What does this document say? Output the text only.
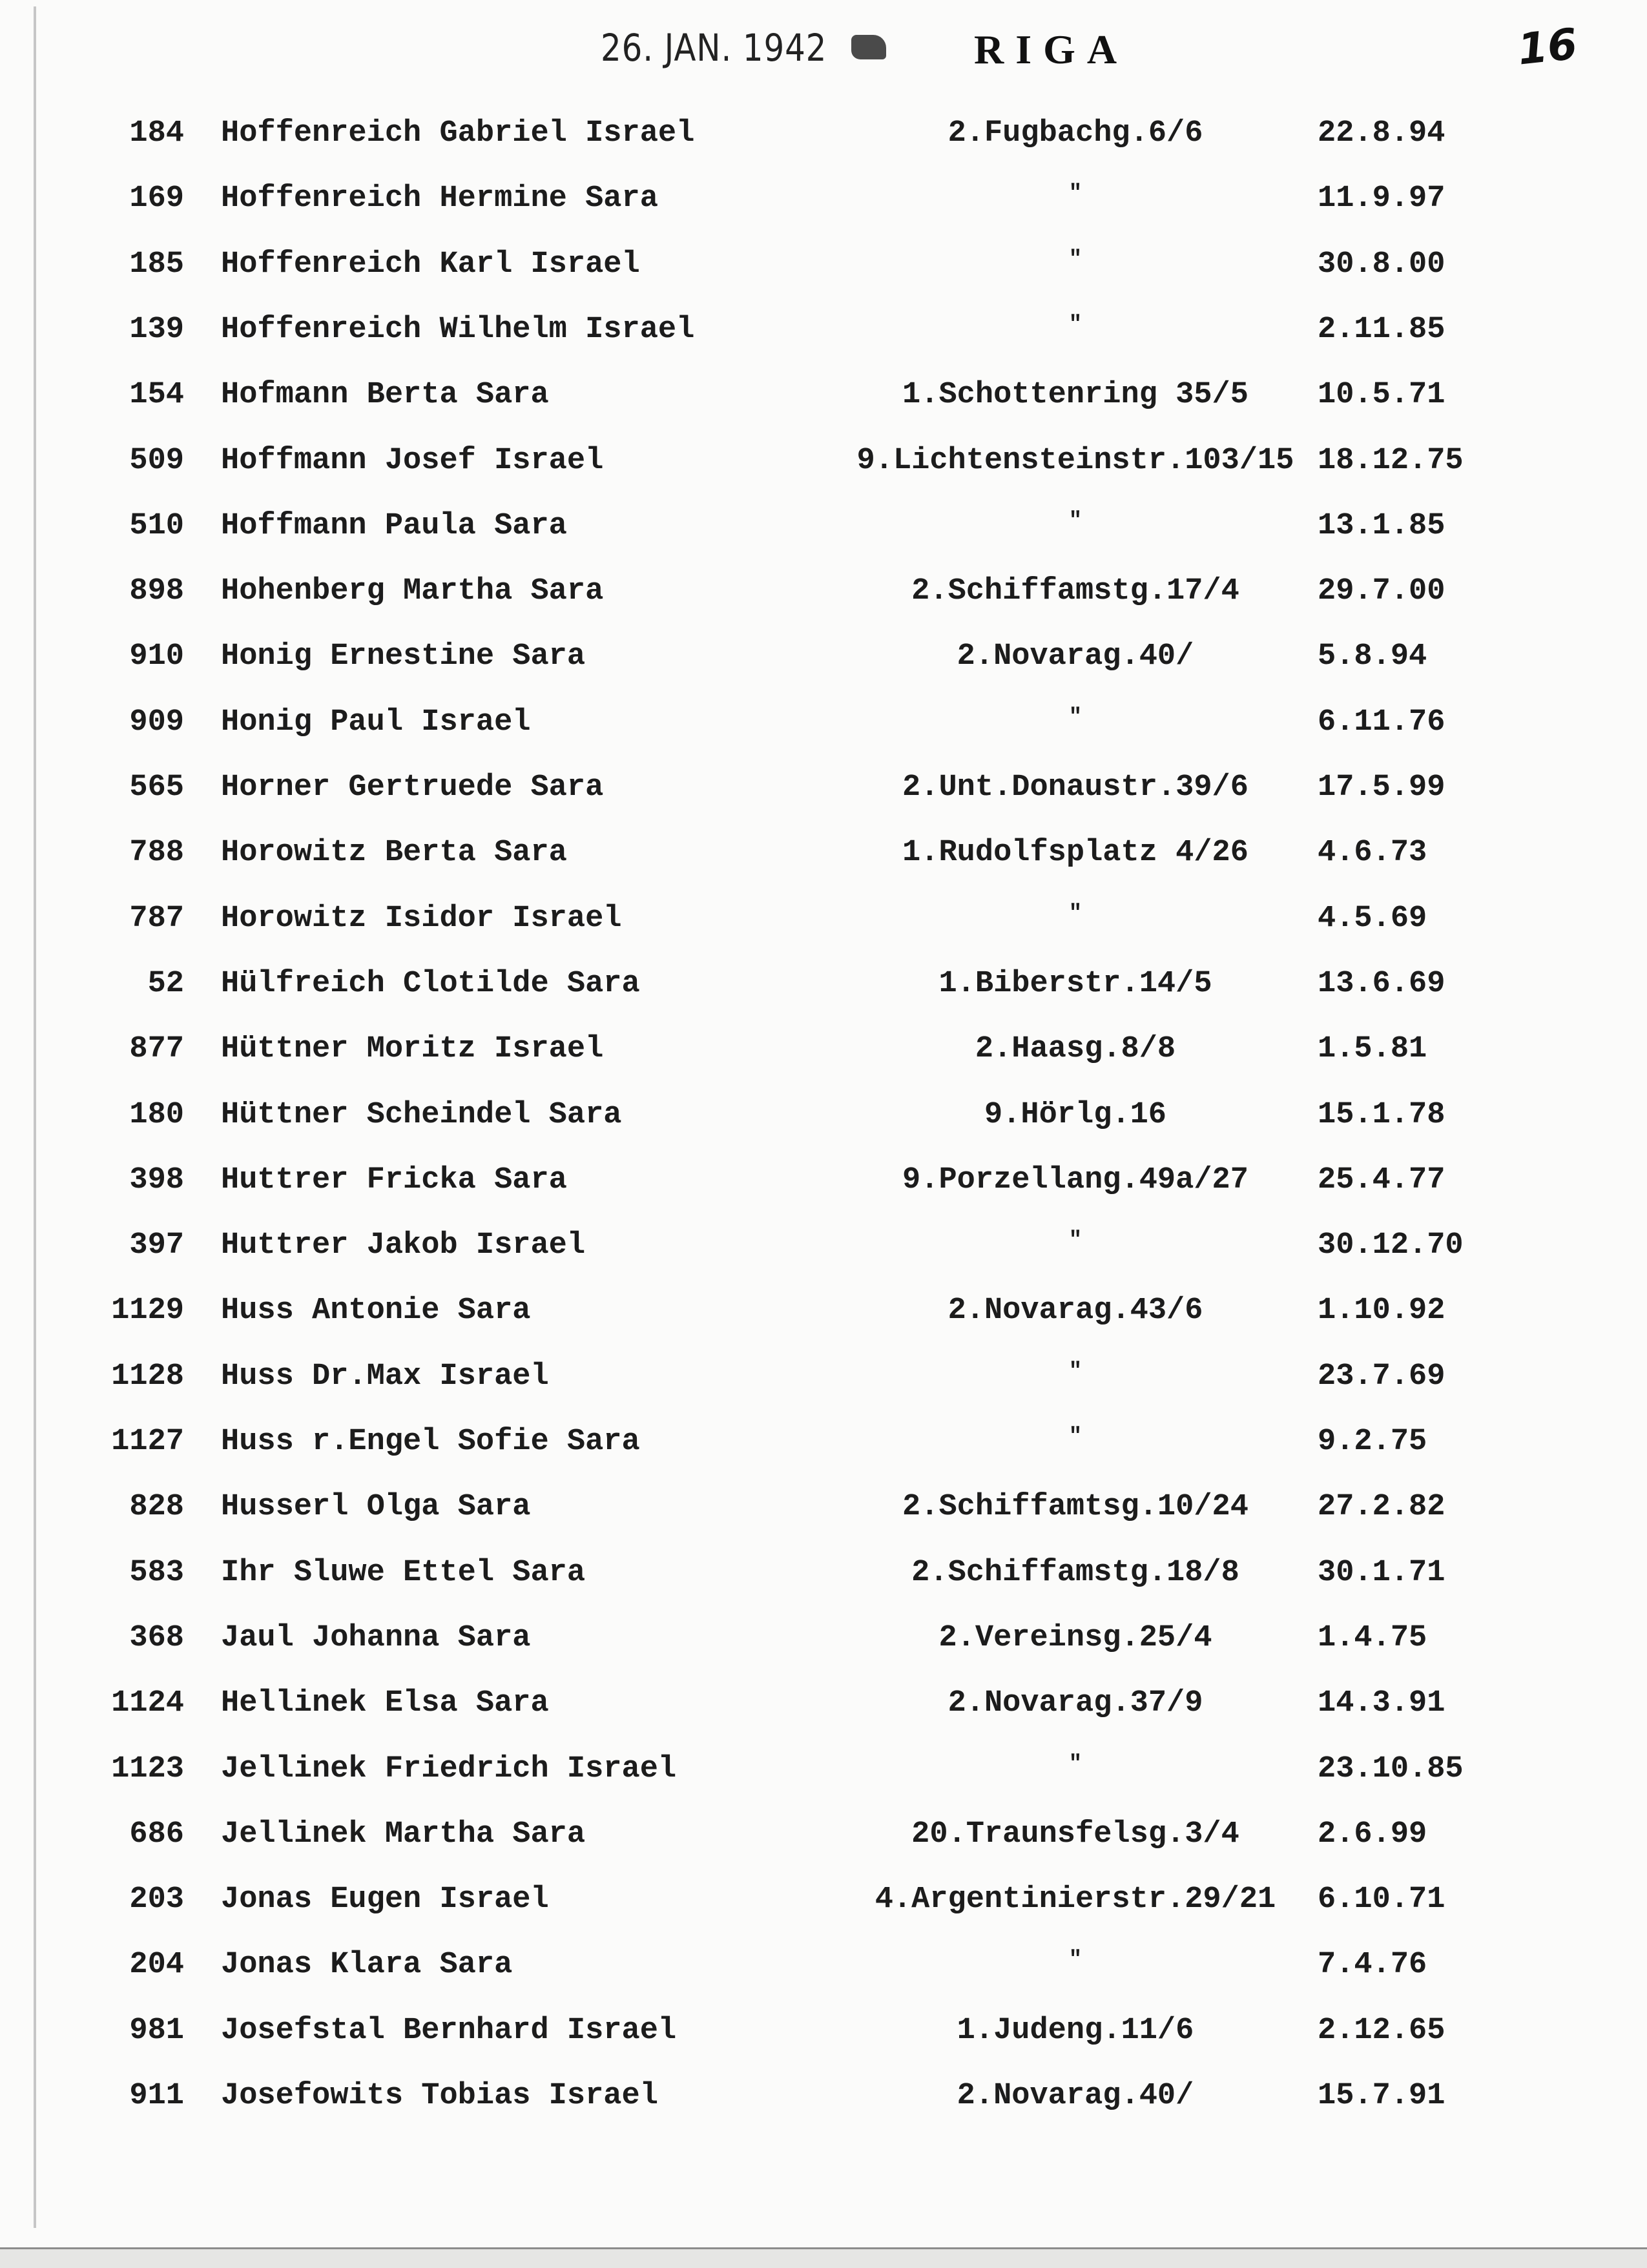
26. JAN. 1942	RIGA	16
184 Hoffenreich Gabriel Israel	2.Fugbachg.6/6	22.8.94
169 Hoffenreich Hermine Sara	"	11.9.97
185 Hoffenreich Karl Israel	"	30.8.00
139 Hoffenreich Wilhelm Israel	"	2.11.85
154 Hofmann Berta Sara	1.Schottenring 35/5	10.5.71
509 Hoffmann Josef Israel	9.Lichtensteinstr.103/15 18.12.75
510 Hoffmann Paula Sara	"	13.1.85
898 Hohenberg Martha Sara	2.Schiffamstg.17/4	29.7.00
910 Honig Ernestine Sara	2.Novarag.40/	5.8.94
909 Honig Paul Israel	"	6.11.76
565 Horner Gertruede Sara	2.Unt.Donaustr.39/6	17.5.99
788 Horowitz Berta Sara	1.Rudolfsplatz 4/26	4.6.73
787 Horowitz Isidor Israel	"	4.5.69
52 Hülfreich Clotilde Sara	1.Biberstr.14/5	13.6.69
877 Hüttner Moritz Israel	2.Haasg.8/8	1.5.81
180 Hüttner Scheindel Sara	9.Hörlg.16	15.1.78
398 Huttrer Fricka Sara	9.Porzellang.49a/27	25.4.77
397 Huttrer Jakob Israel	"	30.12.70
1129 Huss Antonie Sara	2.Novarag.43/6	1.10.92
1128 Huss Dr.Max Israel	"	23.7.69
1127 Huss r.Engel Sofie Sara	"	9.2.75
828 Husserl Olga Sara	2.Schiffamtsg.10/24	27.2.82
583 Ihr Sluwe Ettel Sara	2.Schiffamstg.18/8	30.1.71
368 Jaul Johanna Sara	2.Vereinsg.25/4	1.4.75
1124 Hellinek Elsa Sara	2.Novarag.37/9	14.3.91
1123 Jellinek Friedrich Israel	"	23.10.85
686 Jellinek Martha Sara	20.Traunsfelsg.3/4	2.6.99
203 Jonas Eugen Israel	4.Argentinierstr.29/21	6.10.71
204 Jonas Klara Sara	"	7.4.76
981 Josefstal Bernhard Israel	1.Judeng.11/6	2.12.65
911 Josefowits Tobias Israel	2.Novarag.40/	15.7.91
